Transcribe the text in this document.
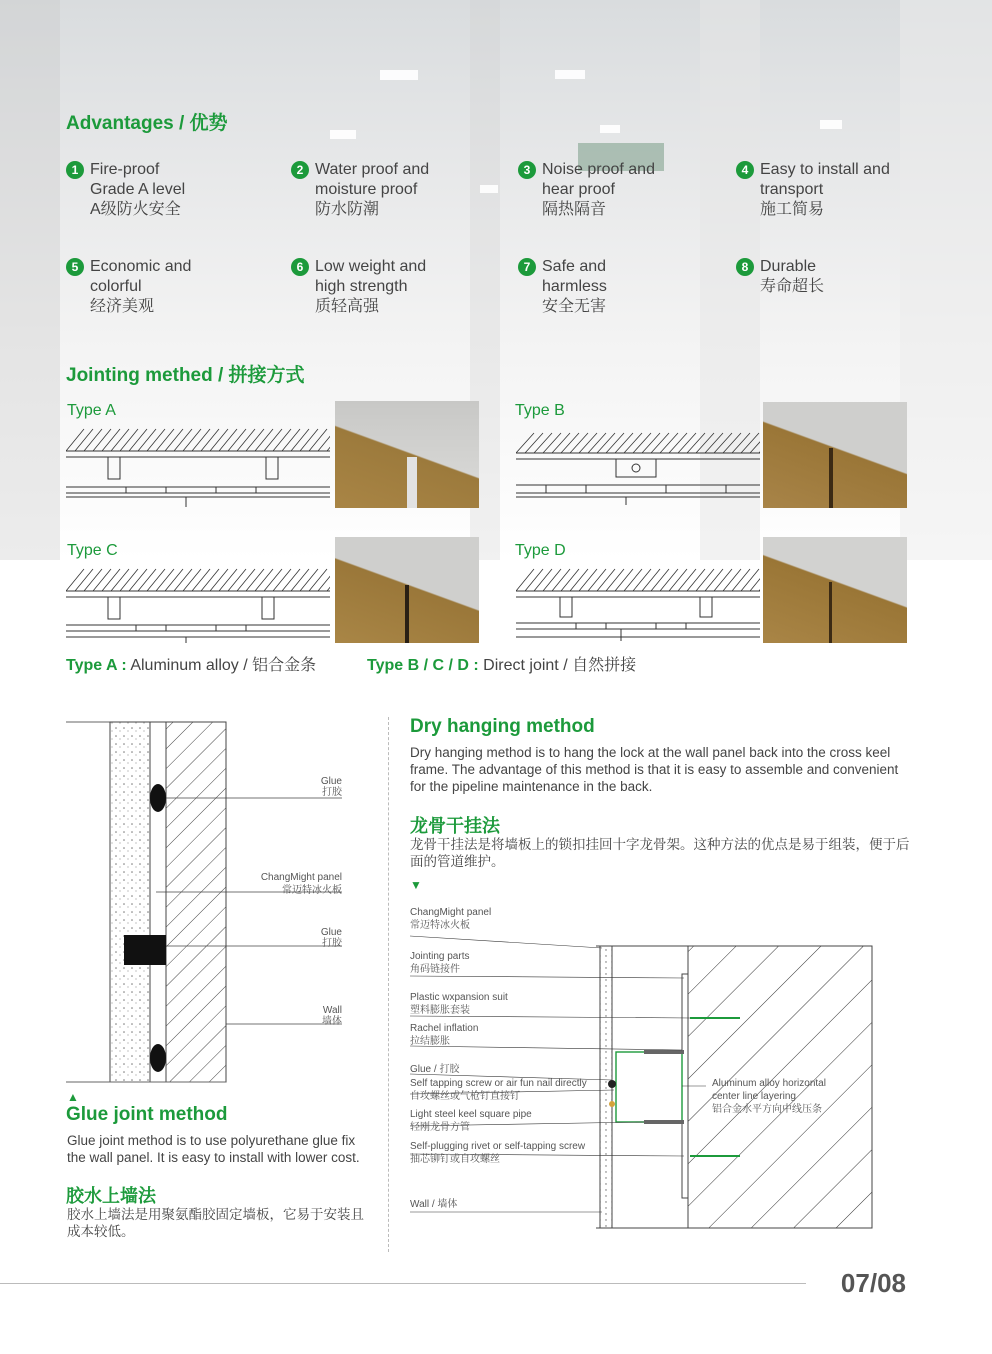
Advantages / 优势
1 Fire-proof
Grade A level
A级防火安全
2 Water proof and
moisture proof
防水防潮
3 Noise proof and
hear proof
隔热隔音
4 Easy to install and
transport
施工简易
5 Economic and
colorful
经济美观
6 Low weight and
high strength
质轻高强
7 Safe and
harmless
安全无害
8 Durable
寿命超长
Jointing methed / 拼接方式
Type A	Type B
Type C	Type D
Type A : Aluminum alloy / 铝合金条	Type B / C / D : Direct joint / 自然拼接
Glue
打胶
ChangMight panel
常迈特冰火板
Glue
打胶
Wall
墙体
▲
Glue joint method
Glue joint method is to use polyurethane glue fix the wall panel. It is easy to install with lower cost.
胶水上墙法
胶水上墙法是用聚氨酯胶固定墙板，它易于安装且成本较低。
Dry hanging method
Dry hanging method is to hang the lock at the wall panel back into the cross keel frame. The advantage of this method is that it is easy to assemble and convenient for the pipeline maintenance in the back.
龙骨干挂法
龙骨干挂法是将墙板上的锁扣挂回十字龙骨架。这种方法的优点是易于组装，便于后面的管道维护。
▼
ChangMight panel
常迈特冰火板
Jointing parts
角码链接件
Plastic wxpansion suit
塑料膨胀套装
Rachel inflation
拉结膨胀
Glue / 打胶
Self tapping screw or air fun nail directly
自攻螺丝或气枪钉直接钉
Light steel keel square pipe
轻刚龙骨方管
Self-plugging rivet or self-tapping screw
抽芯铆钉或自攻螺丝
Wall / 墙体
Aluminum alloy horizontal
center line layering
铝合金水平方向中线压条
07/08
